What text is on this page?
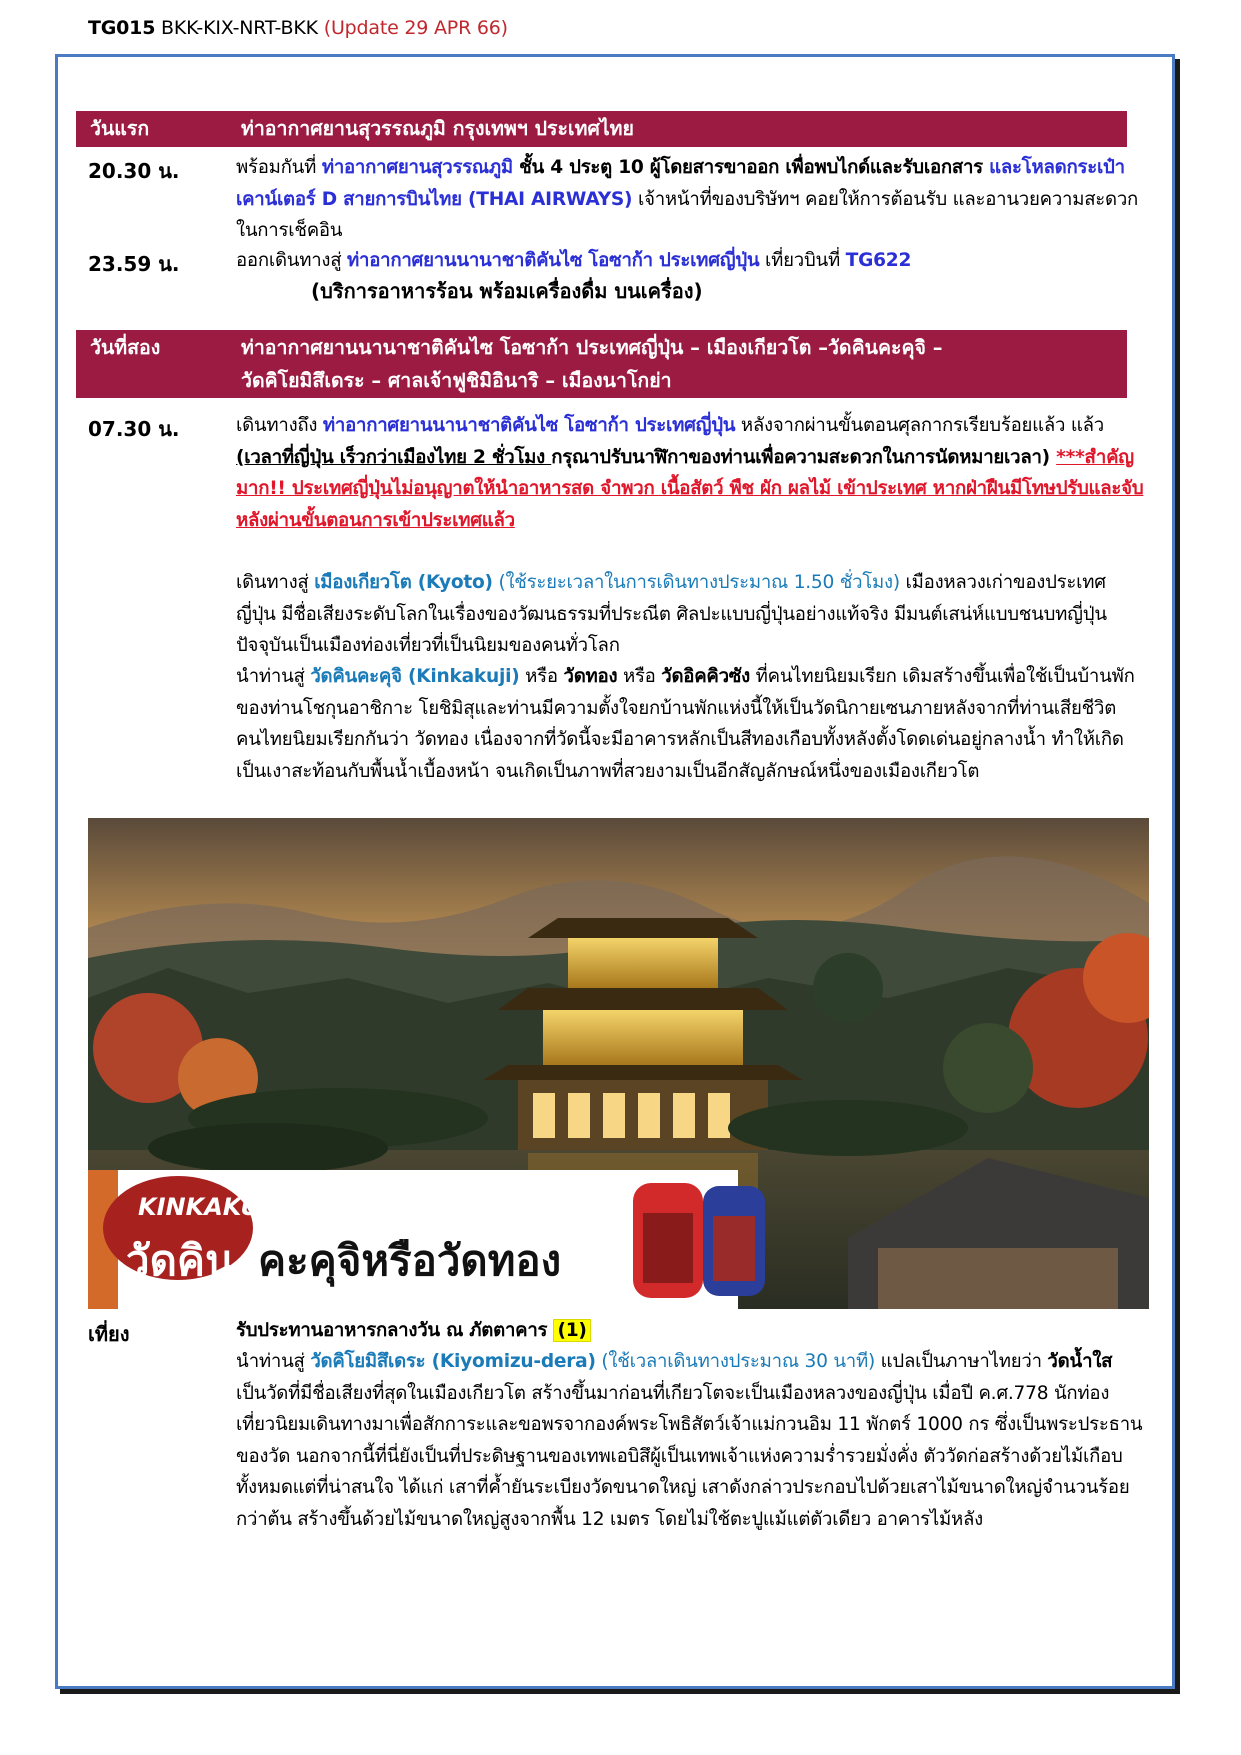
TG015 BKK-KIX-NRT-BKK (Update 29 APR 66)
วันแรก	ท่าอากาศยานสุวรรณภูมิ กรุงเทพฯ ประเทศไทย
20.30 น.	พร้อมกันที่ ท่าอากาศยานสุวรรณภูมิ ชั้น 4 ประตู 10 ผู้โดยสารขาออก เพื่อพบไกด์และรับเอกสาร และโหลดกระเป๋าเคาน์เตอร์ D สายการบินไทย (THAI AIRWAYS) เจ้าหน้าที่ของบริษัทฯ คอยให้การต้อนรับ และอานวยความสะดวกในการเช็คอิน

23.59 น.	ออกเดินทางสู่ ท่าอากาศยานนานาชาติคันไซ โอซาก้า ประเทศญี่ปุ่น เที่ยวบินที่ TG622

(บริการอาหารร้อน พร้อมเครื่องดื่ม บนเครื่อง)
วันที่สอง	ท่าอากาศยานนานาชาติคันไซ โอซาก้า ประเทศญี่ปุ่น – เมืองเกียวโต –วัดคินคะคุจิ –
วัดคิโยมิสึเดระ – ศาลเจ้าฟูชิมิอินาริ – เมืองนาโกย่า
07.30 น.	เดินทางถึง ท่าอากาศยานนานาชาติคันไซ โอซาก้า ประเทศญี่ปุ่น หลังจากผ่านขั้นตอนศุลกากรเรียบร้อยแล้ว แล้ว (เวลาที่ญี่ปุ่น เร็วกว่าเมืองไทย 2 ชั่วโมง กรุณาปรับนาฬิกาของท่านเพื่อความสะดวกในการนัดหมายเวลา) ***สำคัญมาก!! ประเทศญี่ปุ่นไม่อนุญาตให้นำอาหารสด จำพวก เนื้อสัตว์ พืช ผัก ผลไม้ เข้าประเทศ หากฝ่าฝืนมีโทษปรับและจับหลังผ่านขั้นตอนการเข้าประเทศแล้ว

เดินทางสู่ เมืองเกียวโต (Kyoto) (ใช้ระยะเวลาในการเดินทางประมาณ 1.50 ชั่วโมง) เมืองหลวงเก่าของประเทศญี่ปุ่น มีชื่อเสียงระดับโลกในเรื่องของวัฒนธรรมที่ประณีต ศิลปะแบบญี่ปุ่นอย่างแท้จริง มีมนต์เสน่ห์แบบชนบทญี่ปุ่น ปัจจุบันเป็นเมืองท่องเที่ยวที่เป็นนิยมของคนทั่วโลก

นำท่านสู่ วัดคินคะคุจิ (Kinkakuji) หรือ วัดทอง หรือ วัดอิคคิวซัง ที่คนไทยนิยมเรียก เดิมสร้างขึ้นเพื่อใช้เป็นบ้านพักของท่านโชกุนอาชิกาะ โยชิมิสุและท่านมีความตั้งใจยกบ้านพักแห่งนี้ให้เป็นวัดนิกายเซนภายหลังจากที่ท่านเสียชีวิต คนไทยนิยมเรียกกันว่า วัดทอง เนื่องจากที่วัดนี้จะมีอาคารหลักเป็นสีทองเกือบทั้งหลังตั้งโดดเด่นอยู่กลางน้ำ ทำให้เกิดเป็นเงาสะท้อนกับพื้นน้ำเบื้องหน้า จนเกิดเป็นภาพที่สวยงามเป็นอีกสัญลักษณ์หนึ่งของเมืองเกียวโต

KINKAKUJI
วัดคิน คะคุจิหรือวัดทอง
เที่ยง	รับประทานอาหารกลางวัน ณ ภัตตาคาร (1)

นำท่านสู่ วัดคิโยมิสึเดระ (Kiyomizu-dera) (ใช้เวลาเดินทางประมาณ 30 นาที) แปลเป็นภาษาไทยว่า วัดน้ำใส เป็นวัดที่มีชื่อเสียงที่สุดในเมืองเกียวโต สร้างขึ้นมาก่อนที่เกียวโตจะเป็นเมืองหลวงของญี่ปุ่น เมื่อปี ค.ศ.778 นักท่องเที่ยวนิยมเดินทางมาเพื่อสักการะและขอพรจากองค์พระโพธิสัตว์เจ้าแม่กวนอิม 11 พักตร์ 1000 กร ซึ่งเป็นพระประธานของวัด นอกจากนี้ที่นี่ยังเป็นที่ประดิษฐานของเทพเอบิสึผู้เป็นเทพเจ้าแห่งความร่ำรวยมั่งคั่ง ตัววัดก่อสร้างด้วยไม้เกือบทั้งหมดแต่ที่น่าสนใจ ได้แก่ เสาที่ค้ำยันระเบียงวัดขนาดใหญ่ เสาดังกล่าวประกอบไปด้วยเสาไม้ขนาดใหญ่จำนวนร้อยกว่าต้น สร้างขึ้นด้วยไม้ขนาดใหญ่สูงจากพื้น 12 เมตร โดยไม่ใช้ตะปูแม้แต่ตัวเดียว อาคารไม้หลัง
